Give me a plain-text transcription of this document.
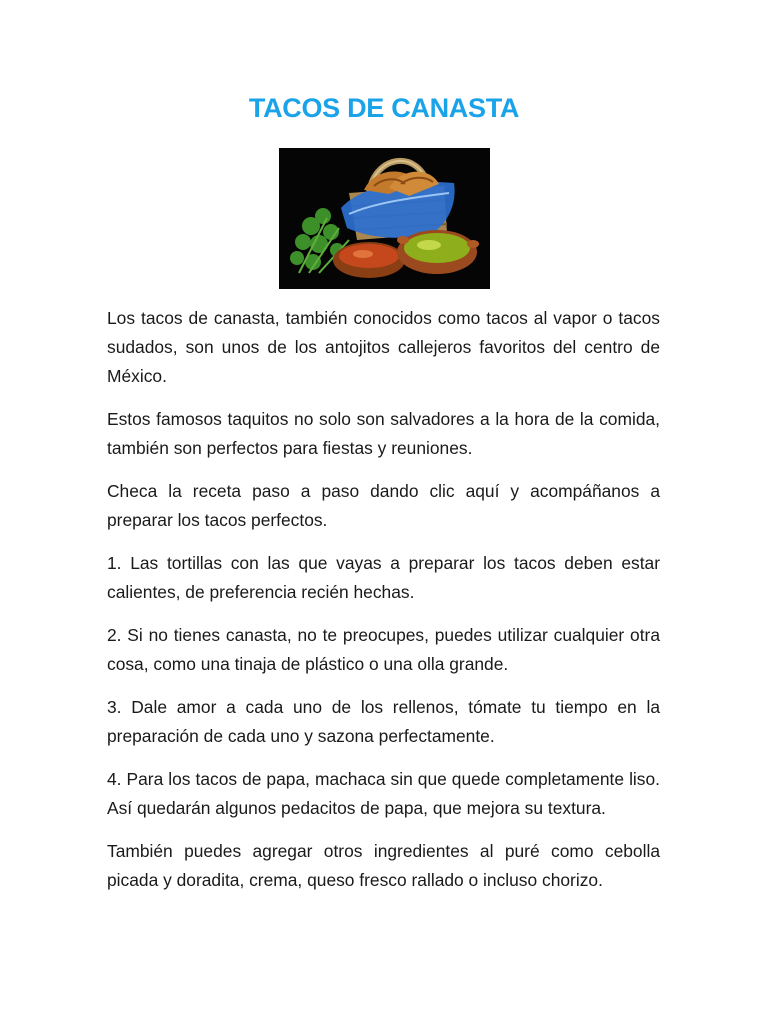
TACOS DE CANASTA

Los tacos de canasta, también conocidos como tacos al vapor o tacos sudados, son unos de los antojitos callejeros favoritos del centro de México.

Estos famosos taquitos no solo son salvadores a la hora de la comida, también son perfectos para fiestas y reuniones.

Checa la receta paso a paso dando clic aquí y acompáñanos a preparar los tacos perfectos.

1. Las tortillas con las que vayas a preparar los tacos deben estar calientes, de preferencia recién hechas.

2. Si no tienes canasta, no te preocupes, puedes utilizar cualquier otra cosa, como una tinaja de plástico o una olla grande.

3. Dale amor a cada uno de los rellenos, tómate tu tiempo en la preparación de cada uno y sazona perfectamente.

4. Para los tacos de papa, machaca sin que quede completamente liso. Así quedarán algunos pedacitos de papa, que mejora su textura.

También puedes agregar otros ingredientes al puré como cebolla picada y doradita, crema, queso fresco rallado o incluso chorizo.
